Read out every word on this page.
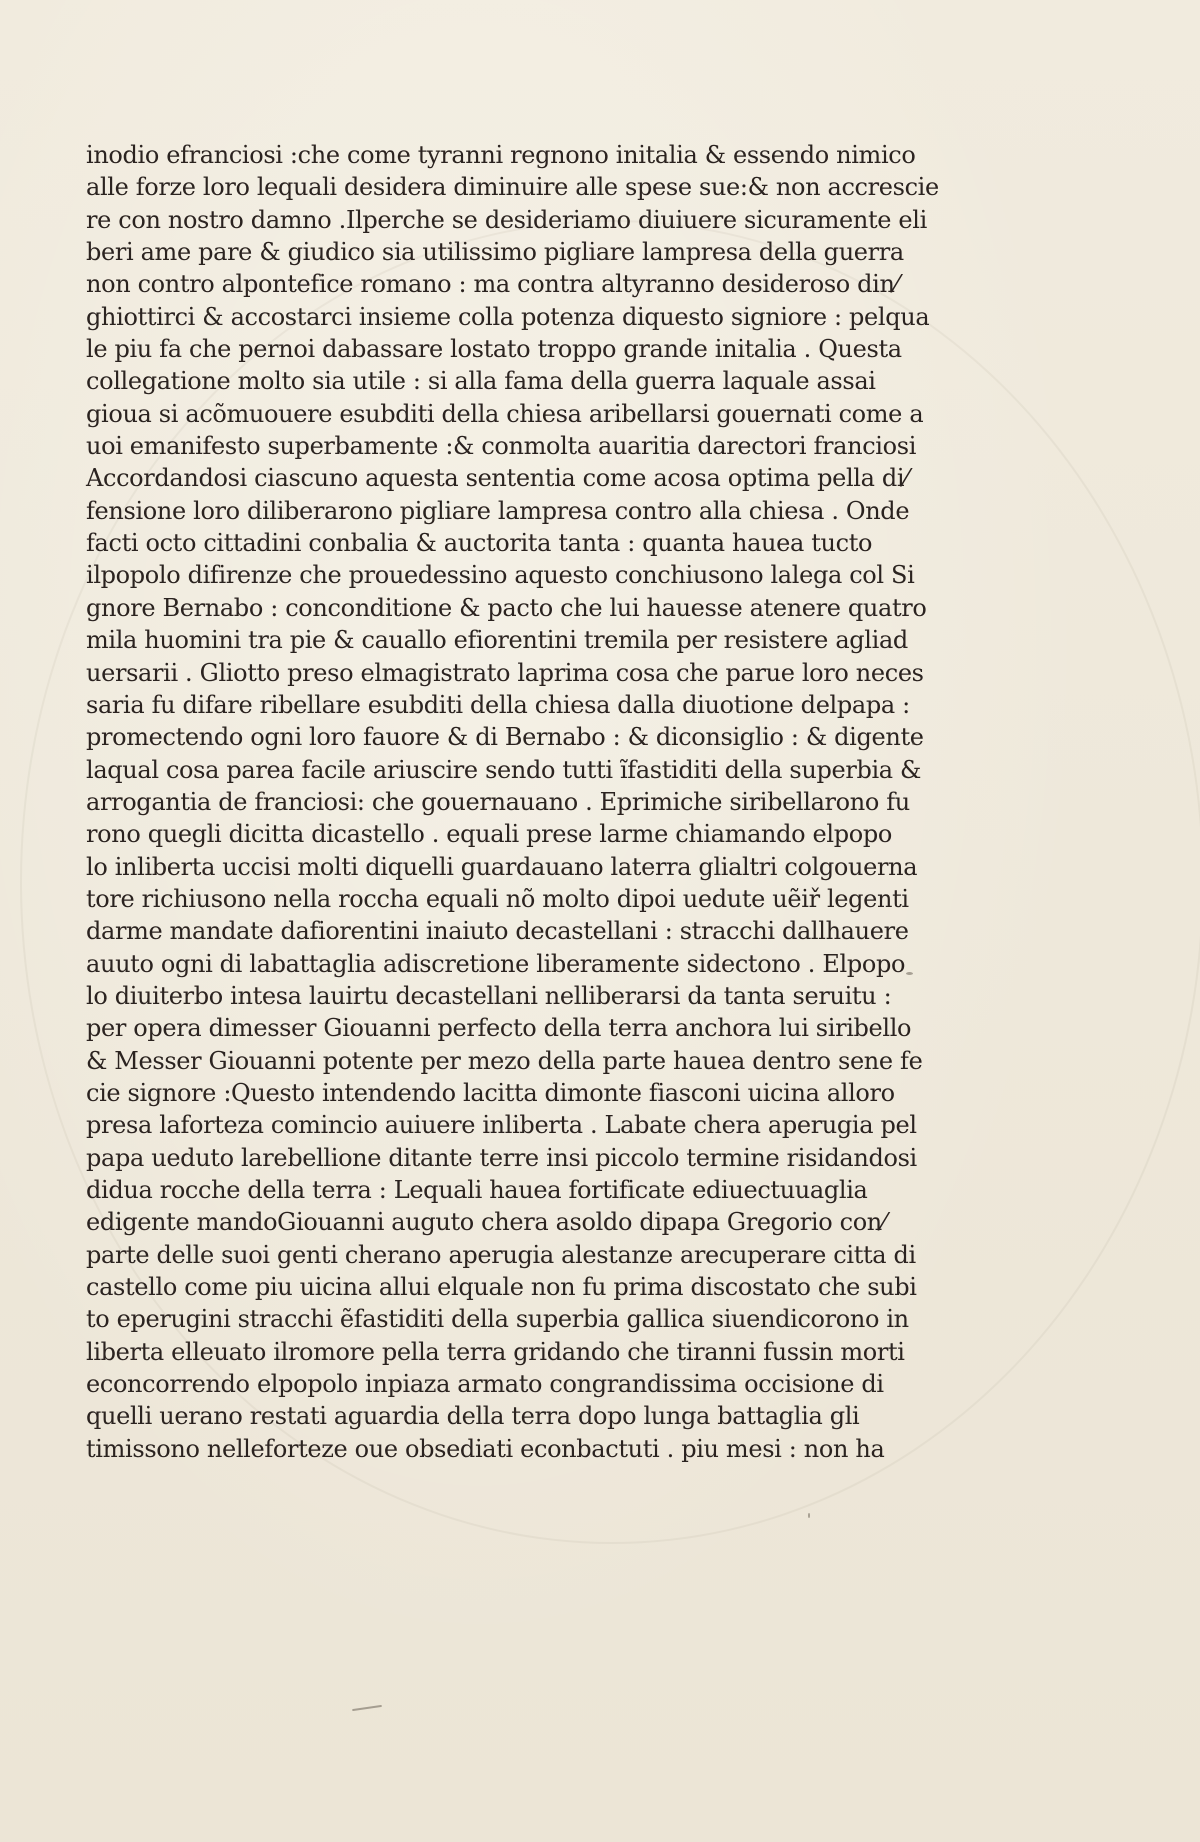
inodio efranciosi :che come tyranni regnono initalia & essendo nimico
alle forze loro lequali desidera diminuire alle spese sue:& non accrescie
re con nostro damno .Ilperche se desideriamo diuiuere sicuramente eli
beri ame pare & giudico sia utilissimo pigliare lampresa della guerra
non contro alpontefice romano : ma contra altyranno desideroso din⁄
ghiottirci & accostarci insieme colla potenza diquesto signiore : pelqua
le piu fa che pernoi dabassare lostato troppo grande initalia . Questa
collegatione molto sia utile : si alla fama della guerra laquale assai
gioua si acõmuouere esubditi della chiesa aribellarsi gouernati come a
uoi emanifesto superbamente :& conmolta auaritia darectori franciosi
Accordandosi ciascuno aquesta sententia come acosa optima pella di⁄
fensione loro diliberarono pigliare lampresa contro alla chiesa . Onde
facti octo cittadini conbalia & auctorita tanta : quanta hauea tucto
ilpopolo difirenze che prouedessino aquesto conchiusono lalega col Si
gnore Bernabo : conconditione & pacto che lui hauesse atenere quatro
mila huomini tra pie & cauallo efiorentini tremila per resistere agliad
uersarii . Gliotto preso elmagistrato laprima cosa che parue loro neces
saria fu difare ribellare esubditi della chiesa dalla diuotione delpapa :
promectendo ogni loro fauore & di Bernabo : & diconsiglio : & digente
laqual cosa parea facile ariuscire sendo tutti ĩfastiditi della superbia &
arrogantia de franciosi: che gouernauano . Eprimiche siribellarono fu
rono quegli dicitta dicastello . equali prese larme chiamando elpopo
lo inliberta uccisi molti diquelli guardauano laterra glialtri colgouerna
tore richiusono nella roccha equali nõ molto dipoi uedute uẽiř legenti
darme mandate dafiorentini inaiuto decastellani : stracchi dallhauere
auuto ogni di labattaglia adiscretione liberamente sidectono . Elpopo
lo diuiterbo intesa lauirtu decastellani nelliberarsi da tanta seruitu :
per opera dimesser Giouanni perfecto della terra anchora lui siribello
& Messer Giouanni potente per mezo della parte hauea dentro sene fe
cie signore :Questo intendendo lacitta dimonte fiasconi uicina alloro
presa laforteza comincio auiuere inliberta . Labate chera aperugia pel
papa ueduto larebellione ditante terre insi piccolo termine risidandosi
didua rocche della terra : Lequali hauea fortificate ediuectuuaglia
edigente mandoGiouanni auguto chera asoldo dipapa Gregorio con⁄
parte delle suoi genti cherano aperugia alestanze arecuperare citta di
castello come piu uicina allui elquale non fu prima discostato che subi
to eperugini stracchi ẽfastiditi della superbia gallica siuendicorono in
liberta elleuato ilromore pella terra gridando che tiranni fussin morti
econcorrendo elpopolo inpiaza armato congrandissima occisione di
quelli uerano restati aguardia della terra dopo lunga battaglia gli
timissono nelleforteze oue obsediati econbactuti . piu mesi : non ha
